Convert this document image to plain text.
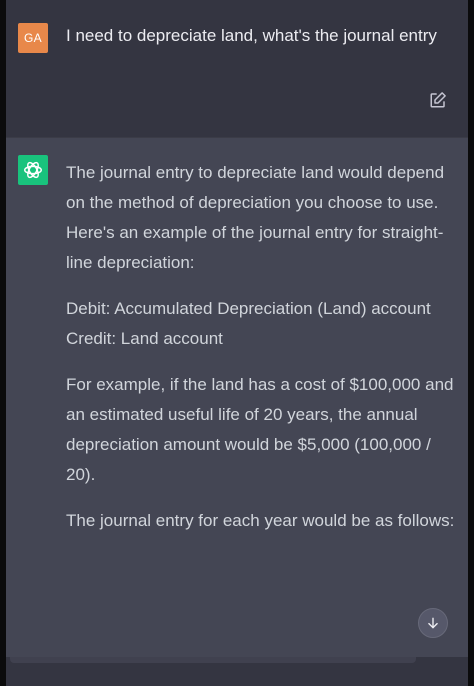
GA	I need to depreciate land, what's the journal entry

The journal entry to depreciate land would depend on the method of depreciation you choose to use. Here's an example of the journal entry for straight-line depreciation:

Debit: Accumulated Depreciation (Land) account
Credit: Land account

For example, if the land has a cost of $100,000 and an estimated useful life of 20 years, the annual depreciation amount would be $5,000 (100,000 / 20).

The journal entry for each year would be as follows:
